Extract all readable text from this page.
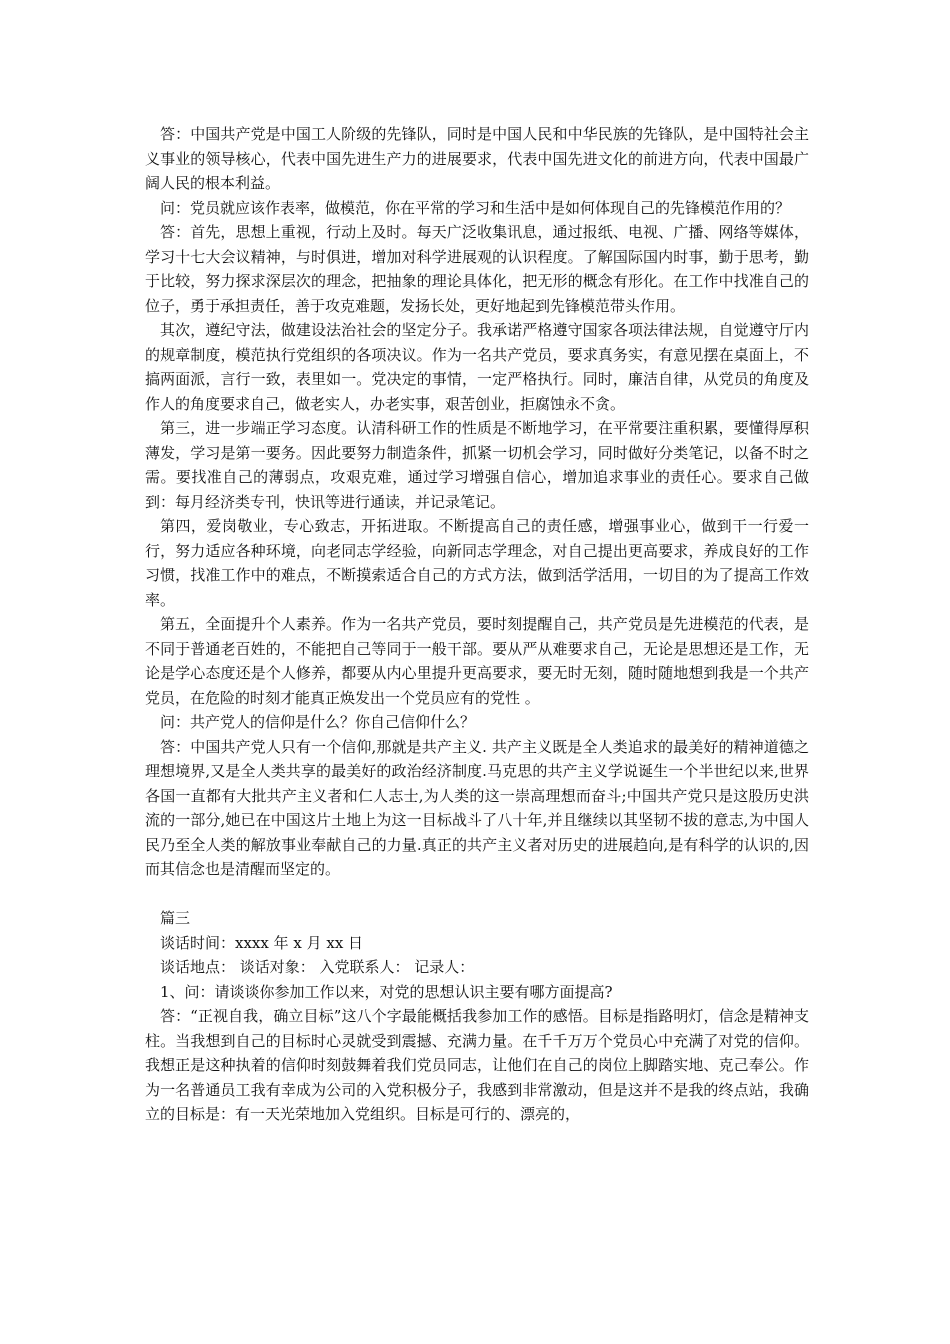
答：中国共产党是中国工人阶级的先锋队，同时是中国人民和中华民族的先锋队，是中国特社会主义事业的领导核心，代表中国先进生产力的进展要求，代表中国先进文化的前进方向，代表中国最广阔人民的根本利益。

问：党员就应该作表率，做模范，你在平常的学习和生活中是如何体现自己的先锋模范作用的？

答：首先，思想上重视，行动上及时。每天广泛收集讯息，通过报纸、电视、广播、网络等媒体，学习十七大会议精神，与时俱进，增加对科学进展观的认识程度。了解国际国内时事，勤于思考，勤于比较，努力探求深层次的理念，把抽象的理论具体化，把无形的概念有形化。在工作中找准自己的位子，勇于承担责任，善于攻克难题，发扬长处，更好地起到先锋模范带头作用。

其次，遵纪守法，做建设法治社会的坚定分子。我承诺严格遵守国家各项法律法规，自觉遵守厅内的规章制度，模范执行党组织的各项决议。作为一名共产党员，要求真务实，有意见摆在桌面上，不搞两面派，言行一致，表里如一。党决定的事情，一定严格执行。同时，廉洁自律，从党员的角度及作人的角度要求自己，做老实人，办老实事，艰苦创业，拒腐蚀永不贪。

第三，进一步端正学习态度。认清科研工作的性质是不断地学习，在平常要注重积累，要懂得厚积薄发，学习是第一要务。因此要努力制造条件，抓紧一切机会学习，同时做好分类笔记，以备不时之需。要找准自己的薄弱点，攻艰克难，通过学习增强自信心，增加追求事业的责任心。要求自己做到：每月经济类专刊，快讯等进行通读，并记录笔记。

第四，爱岗敬业，专心致志，开拓进取。不断提高自己的责任感，增强事业心，做到干一行爱一行，努力适应各种环境，向老同志学经验，向新同志学理念，对自己提出更高要求，养成良好的工作习惯，找准工作中的难点，不断摸索适合自己的方式方法，做到活学活用，一切目的为了提高工作效率。

第五，全面提升个人素养。作为一名共产党员，要时刻提醒自己，共产党员是先进模范的代表，是不同于普通老百姓的，不能把自己等同于一般干部。要从严从难要求自己，无论是思想还是工作，无论是学心态度还是个人修养，都要从内心里提升更高要求，要无时无刻，随时随地想到我是一个共产党员，在危险的时刻才能真正焕发出一个党员应有的党性 。

问：共产党人的信仰是什么？你自己信仰什么？

答：中国共产党人只有一个信仰,那就是共产主义. 共产主义既是全人类追求的最美好的精神道德之理想境界,又是全人类共享的最美好的政治经济制度.马克思的共产主义学说诞生一个半世纪以来,世界各国一直都有大批共产主义者和仁人志士,为人类的这一崇高理想而奋斗;中国共产党只是这股历史洪流的一部分,她已在中国这片土地上为这一目标战斗了八十年,并且继续以其坚韧不拔的意志,为中国人民乃至全人类的解放事业奉献自己的力量.真正的共产主义者对历史的进展趋向,是有科学的认识的,因而其信念也是清醒而坚定的。

篇三

谈话时间：xxxx 年 x 月 xx 日

谈话地点： 谈话对象： 入党联系人： 记录人：

1、问：请谈谈你参加工作以来，对党的思想认识主要有哪方面提高?

答：“正视自我，确立目标”这八个字最能概括我参加工作的感悟。目标是指路明灯，信念是精神支柱。当我想到自己的目标时心灵就受到震撼、充满力量。在千千万万个党员心中充满了对党的信仰。我想正是这种执着的信仰时刻鼓舞着我们党员同志，让他们在自己的岗位上脚踏实地、克己奉公。作为一名普通员工我有幸成为公司的入党积极分子，我感到非常激动，但是这并不是我的终点站，我确立的目标是：有一天光荣地加入党组织。目标是可行的、漂亮的，
